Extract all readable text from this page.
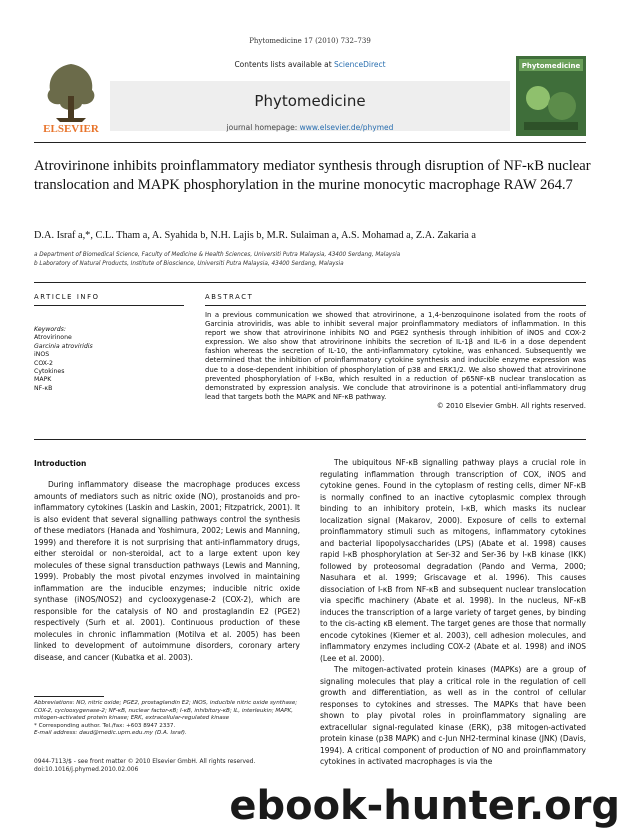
Phytomedicine 17 (2010) 732–739
ELSEVIER
Contents lists available at ScienceDirect
Phytomedicine
journal homepage: www.elsevier.de/phymed
Phytomedicine
Atrovirinone inhibits proinflammatory mediator synthesis through disruption of NF-κB nuclear translocation and MAPK phosphorylation in the murine monocytic macrophage RAW 264.7
D.A. Israf a,*, C.L. Tham a, A. Syahida b, N.H. Lajis b, M.R. Sulaiman a, A.S. Mohamad a, Z.A. Zakaria a
a Department of Biomedical Science, Faculty of Medicine & Health Sciences, Universiti Putra Malaysia, 43400 Serdang, Malaysia
b Laboratory of Natural Products, Institute of Bioscience, Universiti Putra Malaysia, 43400 Serdang, Malaysia
ARTICLE INFO	ABSTRACT
Keywords:
Atrovirinone
Garcinia atroviridis
iNOS
COX-2
Cytokines
MAPK
NF-κB
In a previous communication we showed that atrovirinone, a 1,4-benzoquinone isolated from the roots of Garcinia atroviridis, was able to inhibit several major proinflammatory mediators of inflammation. In this report we show that atrovirinone inhibits NO and PGE2 synthesis through inhibition of iNOS and COX-2 expression. We also show that atrovirinone inhibits the secretion of IL-1β and IL-6 in a dose dependent fashion whereas the secretion of IL-10, the anti-inflammatory cytokine, was enhanced. Subsequently we determined that the inhibition of proinflammatory cytokine synthesis and inducible enzyme expression was due to a dose-dependent inhibition of phosphorylation of p38 and ERK1/2. We also showed that atrovirinone prevented phosphorylation of I-κBα, which resulted in a reduction of p65NF-κB nuclear translocation as demonstrated by expression analysis. We conclude that atrovirinone is a potential anti-inflammatory drug lead that targets both the MAPK and NF-κB pathway.
© 2010 Elsevier GmbH. All rights reserved.
Introduction

During inflammatory disease the macrophage produces excess amounts of mediators such as nitric oxide (NO), prostanoids and pro-inflammatory cytokines (Laskin and Laskin, 2001; Fitzpatrick, 2001). It is also evident that several signalling pathways control the synthesis of these mediators (Hanada and Yoshimura, 2002; Lewis and Manning, 1999) and therefore it is not surprising that anti-inflammatory drugs, either steroidal or non-steroidal, act to a large extent upon key molecules of these signal transduction pathways (Lewis and Manning, 1999). Probably the most pivotal enzymes involved in maintaining inflammation are the inducible enzymes; inducible nitric oxide synthase (iNOS/NOS2) and cyclooxygenase-2 (COX-2), which are responsible for the catalysis of NO and prostaglandin E2 (PGE2) respectively (Surh et al. 2001). Continuous production of these molecules in chronic inflammation (Motilva et al. 2005) has been linked to development of autoimmune disorders, coronary artery disease, and cancer (Kubatka et al. 2003).

The ubiquitous NF-κB signalling pathway plays a crucial role in regulating inflammation through transcription of COX, iNOS and cytokine genes. Found in the cytoplasm of resting cells, dimer NF-κB is normally confined to an inactive cytoplasmic complex through binding to an inhibitory protein, I-κB, which masks its nuclear localization signal (Makarov, 2000). Exposure of cells to external proinflammatory stimuli such as mitogens, inflammatory cytokines and bacterial lipopolysaccharides (LPS) (Abate et al. 1998) causes rapid I-κB phosphorylation at Ser-32 and Ser-36 by I-κB kinase (IKK) followed by proteosomal degradation (Pando and Verma, 2000; Nasuhara et al. 1999; Griscavage et al. 1996). This causes dissociation of I-κB from NF-κB and subsequent nuclear translocation via specific machinery (Abate et al. 1998). In the nucleus, NF-κB induces the transcription of a large variety of target genes, by binding to the cis-acting κB element. The target genes are those that normally encode cytokines (Kiemer et al. 2003), cell adhesion molecules, and inflammatory enzymes including COX-2 (Abate et al. 1998) and iNOS (Lee et al. 2000).

The mitogen-activated protein kinases (MAPKs) are a group of signaling molecules that play a critical role in the regulation of cell growth and differentiation, as well as in the control of cellular responses to cytokines and stresses. The MAPKs that have been shown to play pivotal roles in proinflammatory signaling are extracellular signal-regulated kinase (ERK), p38 mitogen-activated protein kinase (p38 MAPK) and c-Jun NH2-terminal kinase (JNK) (Davis, 1994). A critical component of production of NO and proinflammatory cytokines in activated macrophages is via the

Abbreviations: NO, nitric oxide; PGE2, prostaglandin E2; iNOS, inducible nitric oxide synthase; COX-2, cyclooxygenase-2; NF-κB, nuclear factor-κB; I-κB, inhibitory-κB; IL, interleukin; MAPK, mitogen-activated protein kinase; ERK, extracellular-regulated kinase
* Corresponding author. Tel./fax: +603 8947 2337.
E-mail address: daud@medic.upm.edu.my (D.A. Israf).
0944-7113/$ - see front matter © 2010 Elsevier GmbH. All rights reserved.
doi:10.1016/j.phymed.2010.02.006
ebook-hunter.org
